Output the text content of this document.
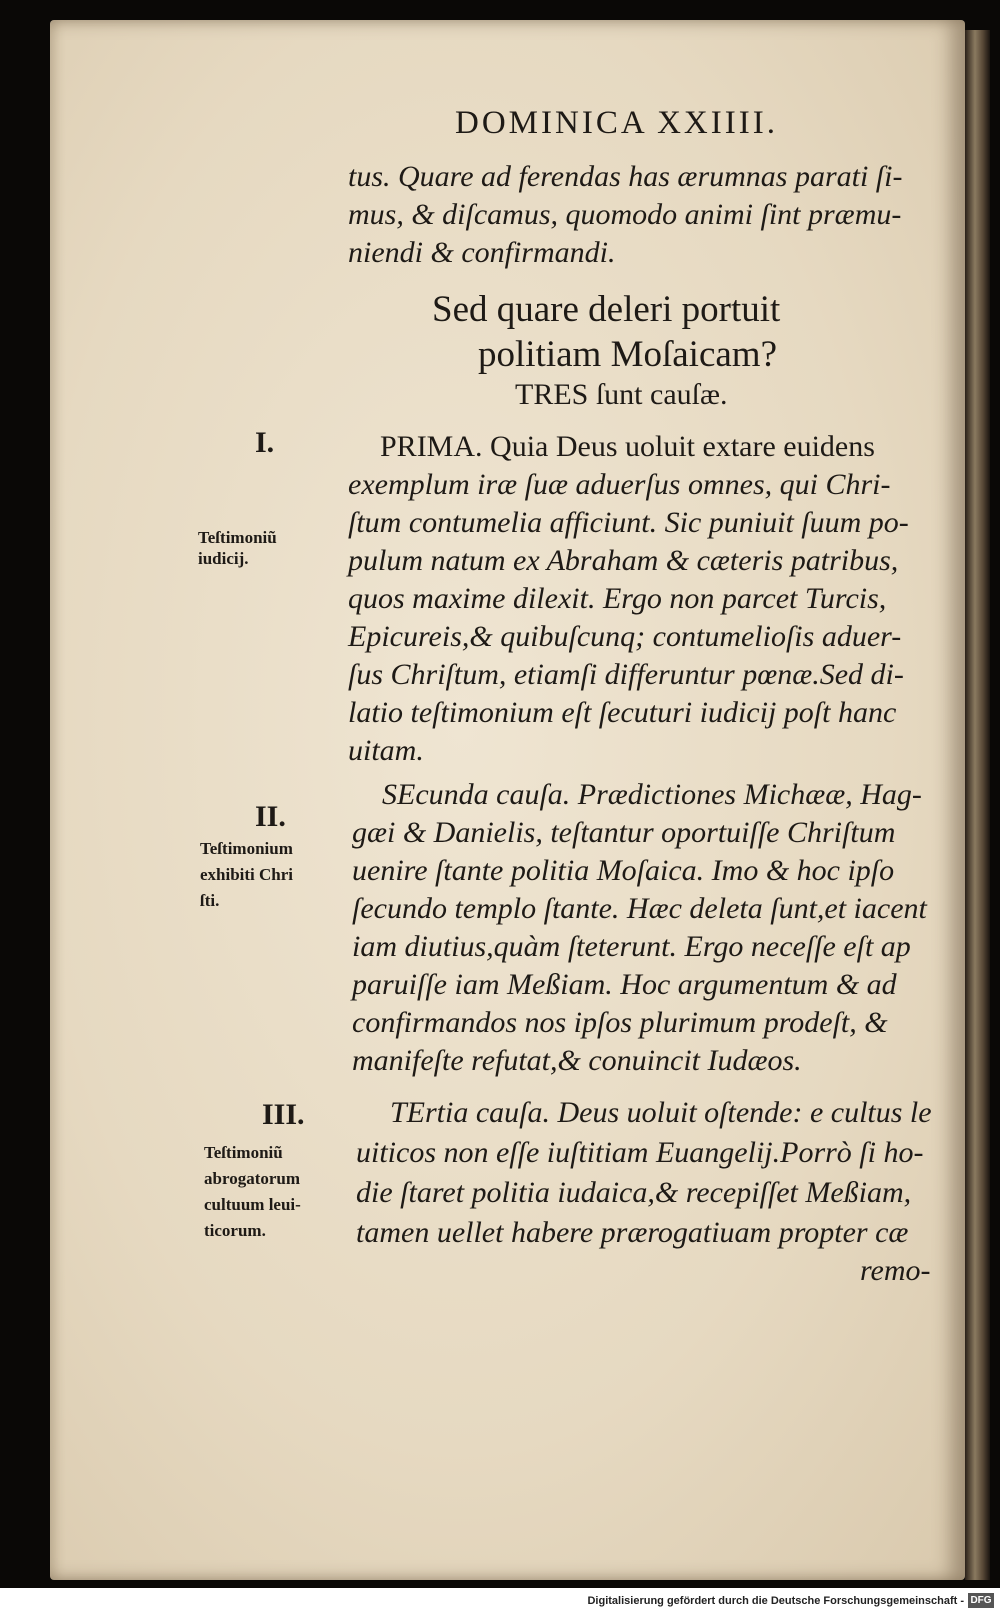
DOMINICA XXIIII.
tus. Quare ad ferendas has ærumnas parati ſi-
mus, & diſcamus, quomodo animi ſint præmu-
niendi & confirmandi.
Sed quare deleri portuit
politiam Moſaicam?
TRES ſunt cauſæ.
I.
Teſtimoniũ
iudicij.
PRIMA. Quia Deus uoluit extare euidens
exemplum iræ ſuæ aduerſus omnes, qui Chri-
ſtum contumelia afficiunt. Sic puniuit ſuum po-
pulum natum ex Abraham & cæteris patribus,
quos maxime dilexit. Ergo non parcet Turcis,
Epicureis,& quibuſcunq; contumelioſis aduer-
ſus Chriſtum, etiamſi differuntur pœnæ.Sed di-
latio teſtimonium eſt ſecuturi iudicij poſt hanc
uitam.
II.
Teſtimonium
exhibiti Chri
ſti.
SEcunda cauſa. Prædictiones Michææ, Hag-
gæi & Danielis, teſtantur oportuiſſe Chriſtum
uenire ſtante politia Moſaica. Imo & hoc ipſo
ſecundo templo ſtante. Hæc deleta ſunt,et iacent
iam diutius,quàm ſteterunt. Ergo neceſſe eſt ap
paruiſſe iam Meßiam. Hoc argumentum & ad
confirmandos nos ipſos plurimum prodeſt, &
manifeſte refutat,& conuincit Iudæos.
III.
Teſtimoniũ
abrogatorum
cultuum leui-
ticorum.
TErtia cauſa. Deus uoluit oſtende: e cultus le
uiticos non eſſe iuſtitiam Euangelij.Porrò ſi ho-
die ſtaret politia iudaica,& recepiſſet Meßiam,
tamen uellet habere prærogatiuam propter cæ
remo-
Digitalisierung gefördert durch die Deutsche Forschungsgemeinschaft - DFG
